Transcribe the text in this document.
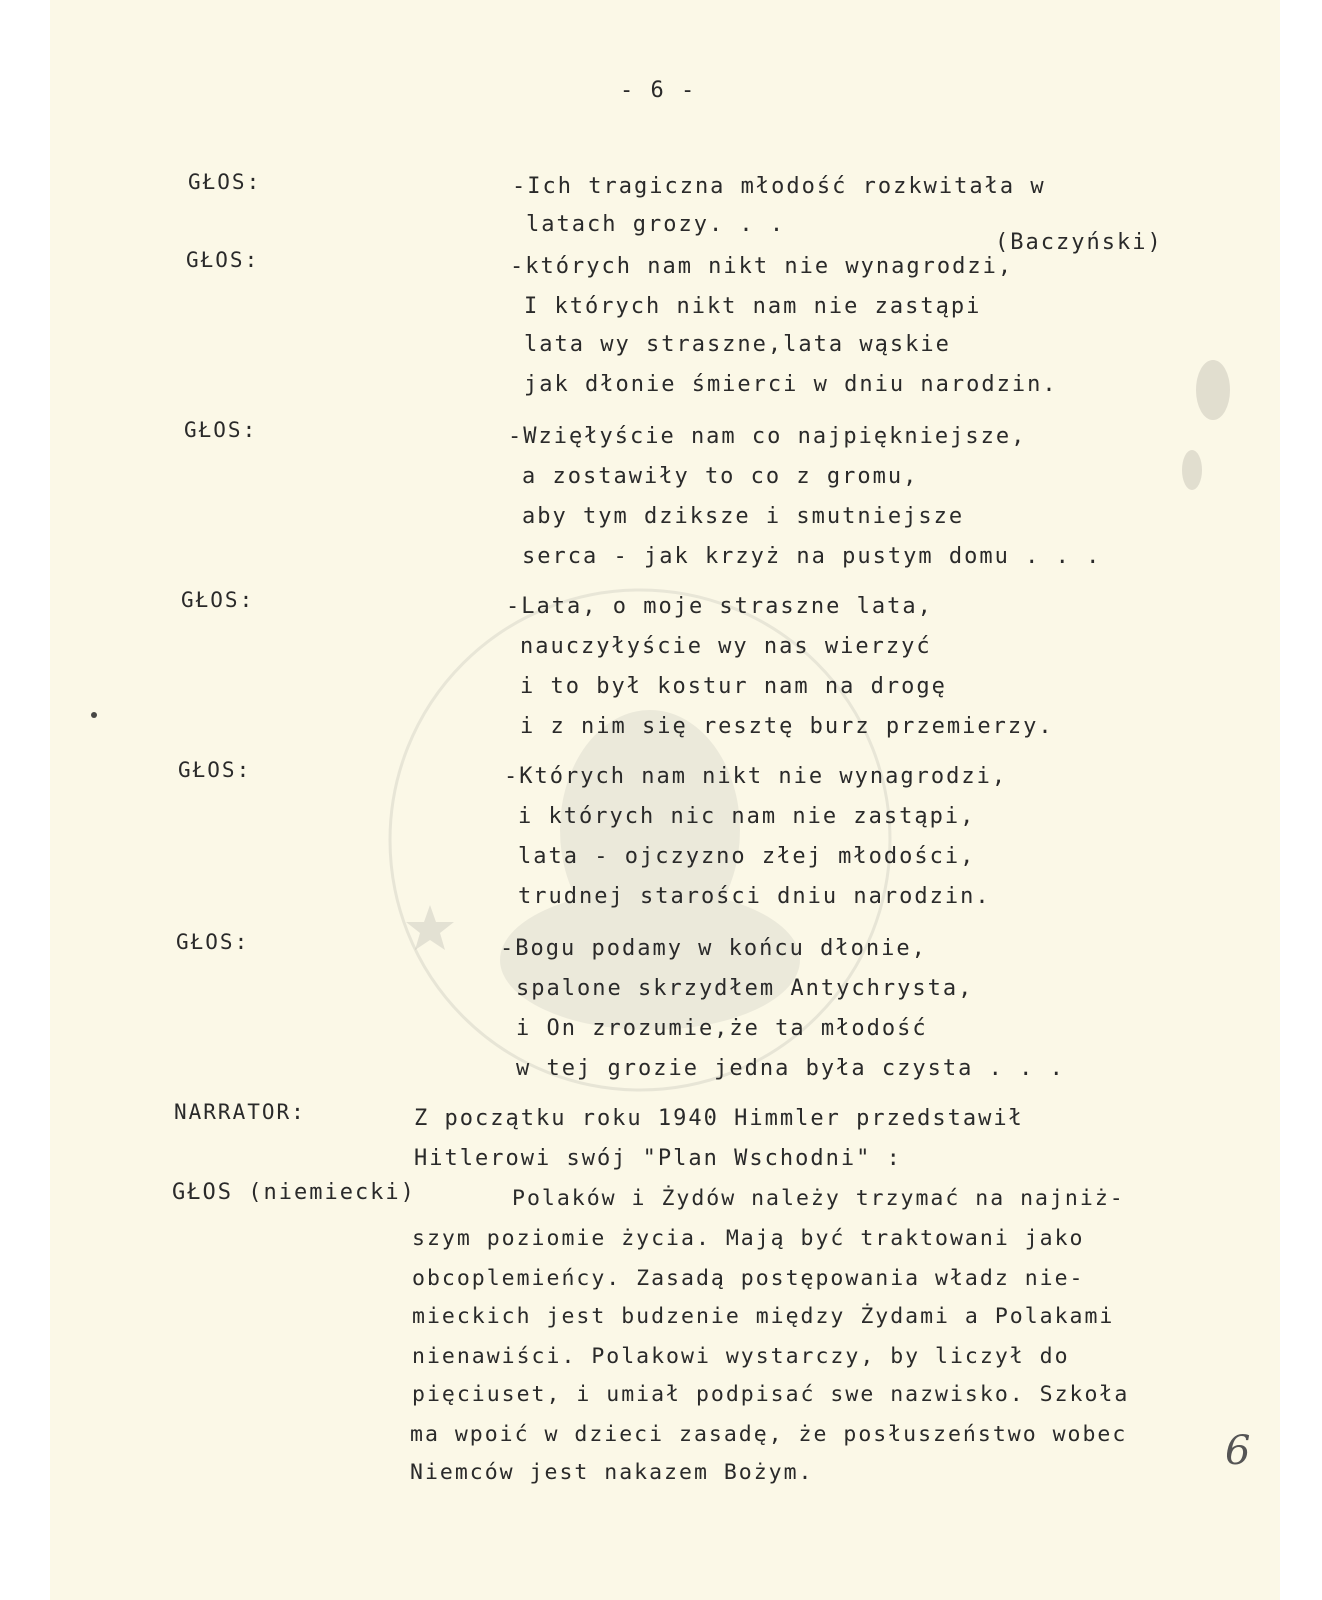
- 6 -
GŁOS:	-Ich tragiczna młodość rozkwitała w
latach grozy. . .
(Baczyński)
GŁOS:	-których nam nikt nie wynagrodzi,
I których nikt nam nie zastąpi
lata wy straszne,lata wąskie
jak dłonie śmierci w dniu narodzin.
GŁOS:	-Wzięłyście nam co najpiękniejsze,
a zostawiły to co z gromu,
aby tym dziksze i smutniejsze
serca - jak krzyż na pustym domu . . .
GŁOS:	-Lata, o moje straszne lata,
nauczyłyście wy nas wierzyć
i to był kostur nam na drogę
i z nim się resztę burz przemierzy.
GŁOS:	-Których nam nikt nie wynagrodzi,
i których nic nam nie zastąpi,
lata - ojczyzno złej młodości,
trudnej starości dniu narodzin.
GŁOS:	-Bogu podamy w końcu dłonie,
spalone skrzydłem Antychrysta,
i On zrozumie,że ta młodość
w tej grozie jedna była czysta . . .
NARRATOR:	Z początku roku 1940 Himmler przedstawił
Hitlerowi swój "Plan Wschodni" :
GŁOS (niemiecki)	Polaków i Żydów należy trzymać na najniż-
szym poziomie życia. Mają być traktowani jako
obcoplemieńcy. Zasadą postępowania władz nie-
mieckich jest budzenie między Żydami a Polakami
nienawiści. Polakowi wystarczy, by liczył do
pięciuset, i umiał podpisać swe nazwisko. Szkoła
ma wpoić w dzieci zasadę, że posłuszeństwo wobec
Niemców jest nakazem Bożym.	6
